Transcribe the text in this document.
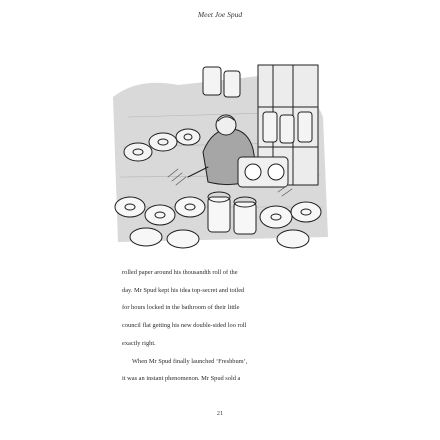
Meet Joe Spud

rolled paper around his thousandth roll of the

day. Mr Spud kept his idea top-secret and toiled

for hours locked in the bathroom of their little

council flat getting his new double-sided loo roll

exactly right.

When Mr Spud finally launched ‘Freshbum’,

it was an instant phenomenon. Mr Spud sold a

21
